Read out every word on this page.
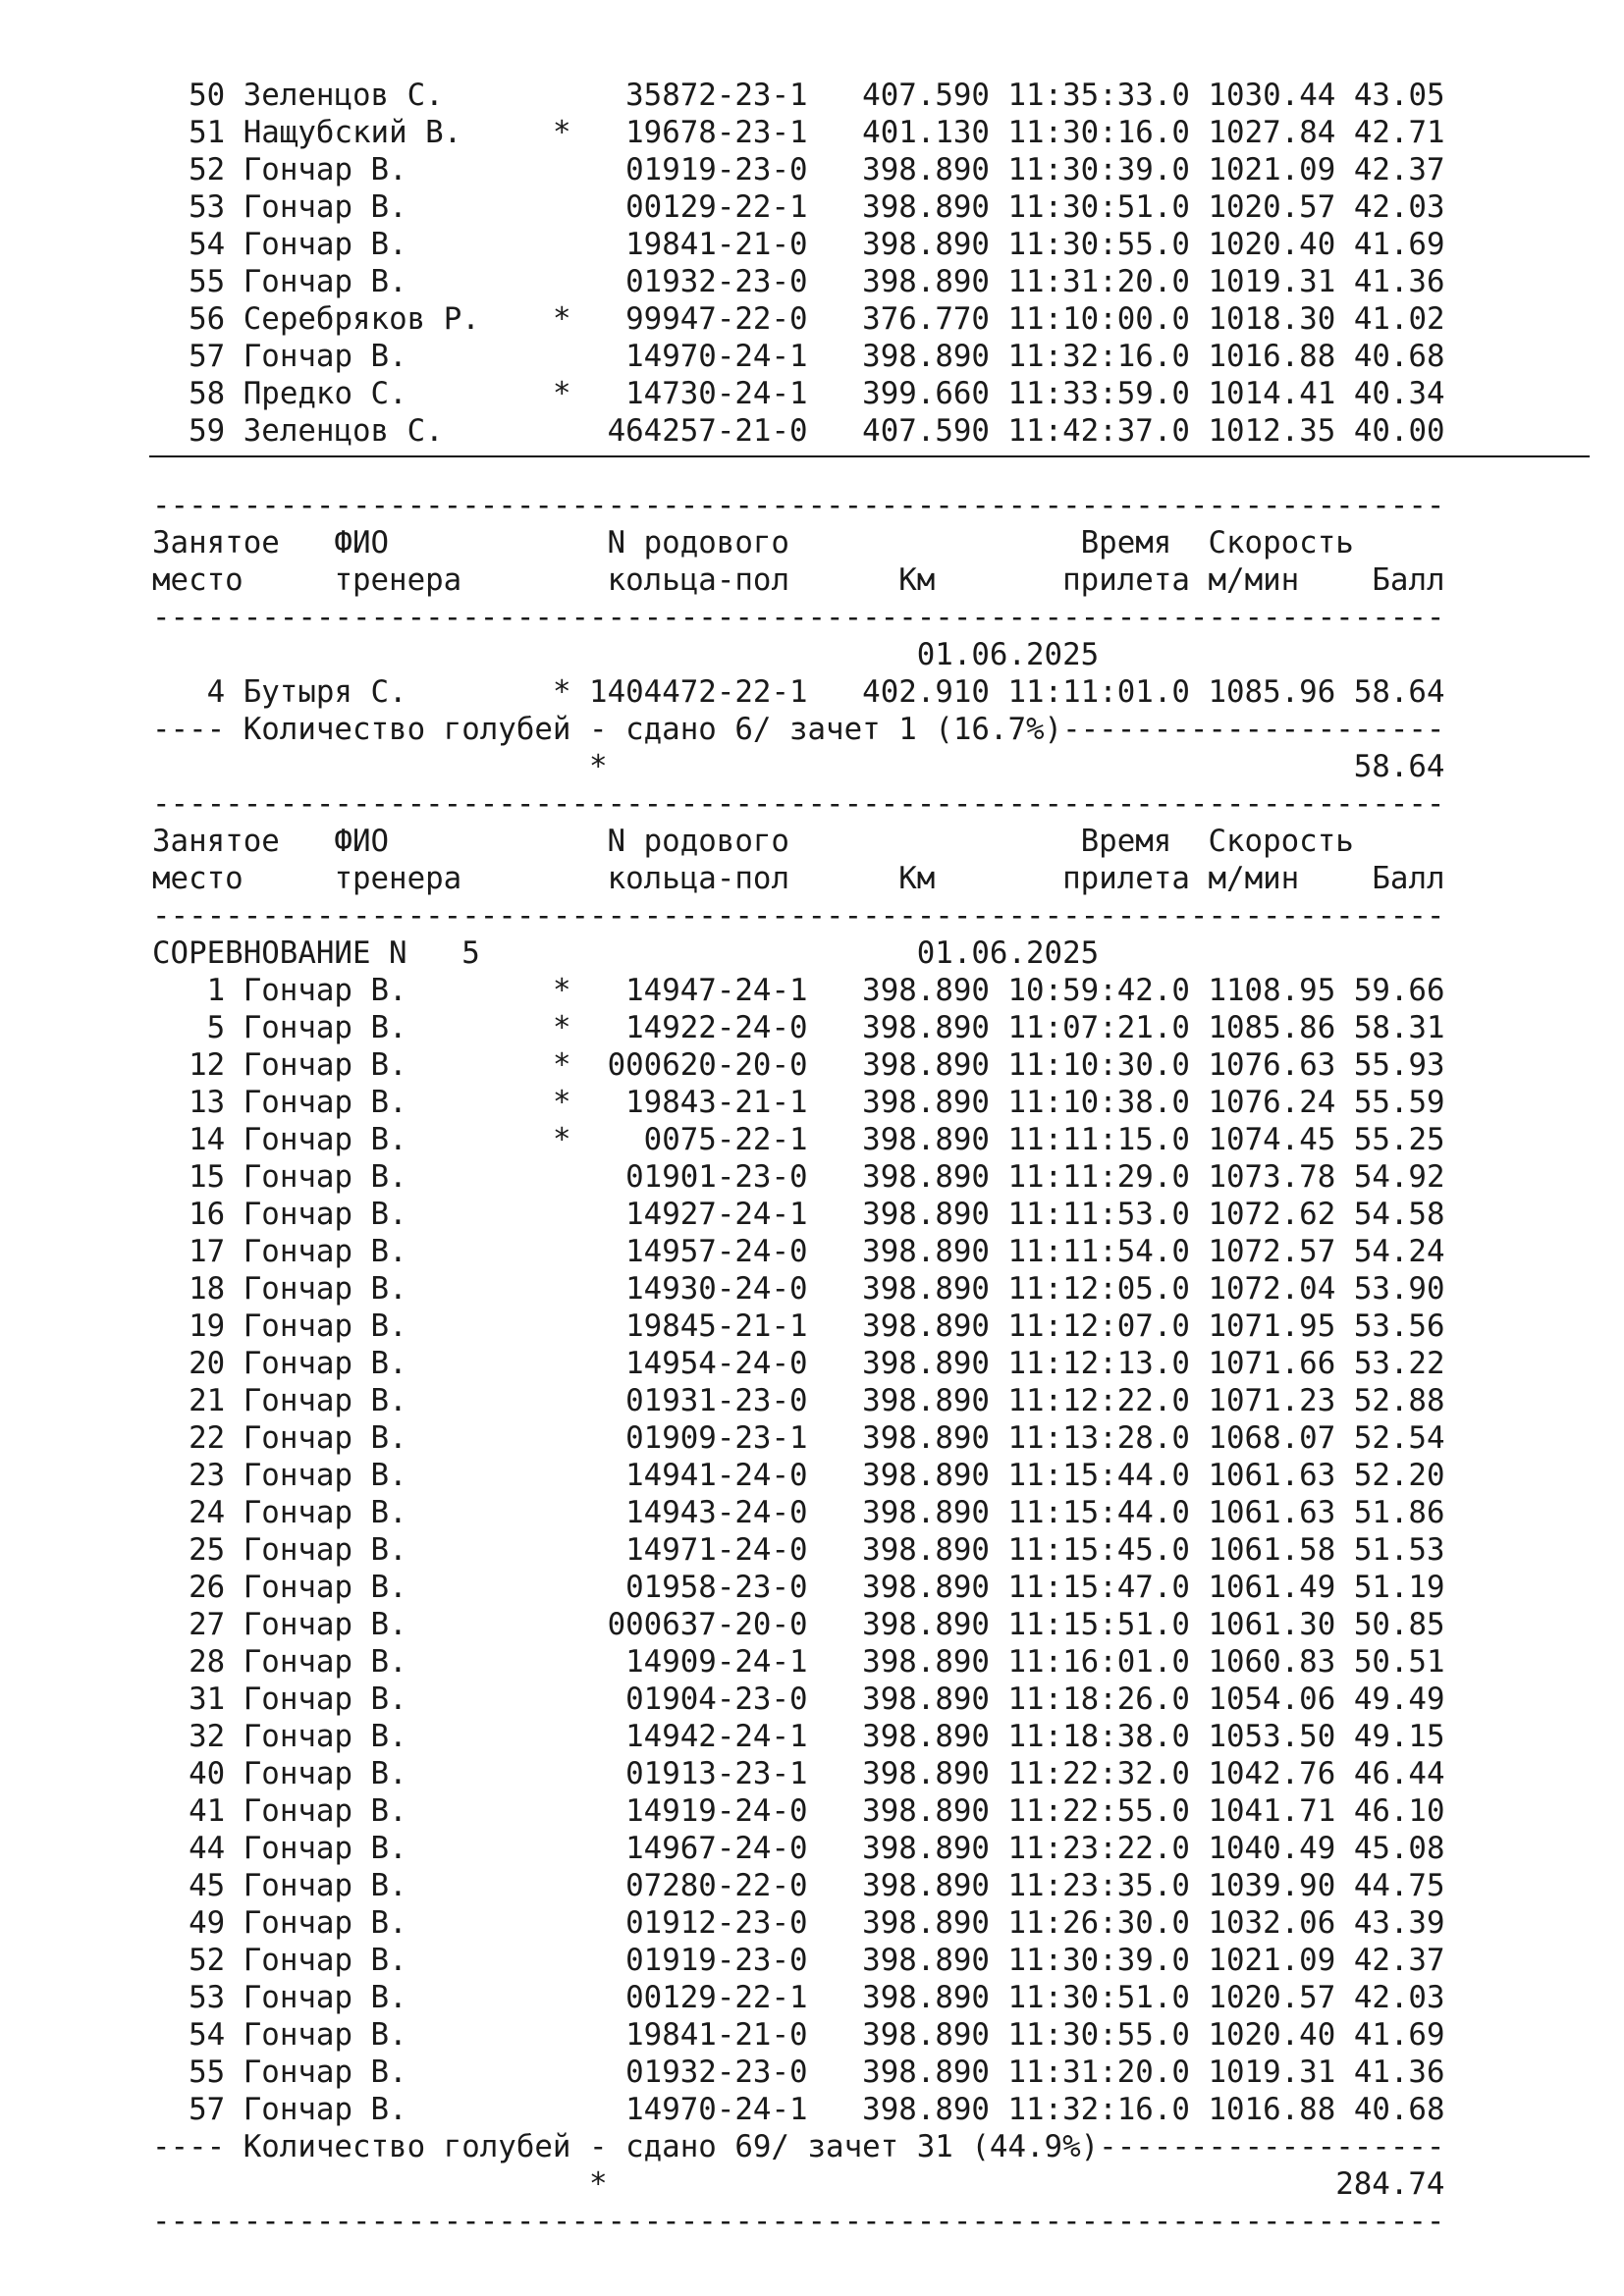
50 Зеленцов С.	35872-23-1 407.590 11:35:33.0 1030.44 43.05
51 Нащубский В.	* 19678-23-1 401.130 11:30:16.0 1027.84 42.71
52 Гончар В.	01919-23-0 398.890 11:30:39.0 1021.09 42.37
53 Гончар В.	00129-22-1 398.890 11:30:51.0 1020.57 42.03
54 Гончар В.	19841-21-0 398.890 11:30:55.0 1020.40 41.69
55 Гончар В.	01932-23-0 398.890 11:31:20.0 1019.31 41.36
56 Серебряков Р. * 99947-22-0 376.770 11:10:00.0 1018.30 41.02
57 Гончар В.	14970-24-1 398.890 11:32:16.0 1016.88 40.68
58 Предко С.	* 14730-24-1 399.660 11:33:59.0 1014.41 40.34
59 Зеленцов С.	464257-21-0 407.590 11:42:37.0 1012.35 40.00

-----------------------------------------------------------------------
Занятое ФИО	N родового	Время Скорость
место	тренера	кольца-пол	Км	прилета м/мин Балл
-----------------------------------------------------------------------
01.06.2025
4 Бутыря С.	* 1404472-22-1 402.910 11:11:01.0 1085.96 58.64
---- Количество голубей - сдано 6/ зачет 1 (16.7%)---------------------
*	58.64
-----------------------------------------------------------------------
Занятое ФИО	N родового	Время Скорость
место	тренера	кольца-пол	Км	прилета м/мин Балл
-----------------------------------------------------------------------
СОРЕВНОВАНИЕ N   5	01.06.2025
1 Гончар В.	* 14947-24-1 398.890 10:59:42.0 1108.95 59.66
5 Гончар В.	* 14922-24-0 398.890 11:07:21.0 1085.86 58.31
12 Гончар В.	* 000620-20-0 398.890 11:10:30.0 1076.63 55.93
13 Гончар В.	* 19843-21-1 398.890 11:10:38.0 1076.24 55.59
14 Гончар В.	* 0075-22-1 398.890 11:11:15.0 1074.45 55.25
15 Гончар В.	01901-23-0 398.890 11:11:29.0 1073.78 54.92
16 Гончар В.	14927-24-1 398.890 11:11:53.0 1072.62 54.58
17 Гончар В.	14957-24-0 398.890 11:11:54.0 1072.57 54.24
18 Гончар В.	14930-24-0 398.890 11:12:05.0 1072.04 53.90
19 Гончар В.	19845-21-1 398.890 11:12:07.0 1071.95 53.56
20 Гончар В.	14954-24-0 398.890 11:12:13.0 1071.66 53.22
21 Гончар В.	01931-23-0 398.890 11:12:22.0 1071.23 52.88
22 Гончар В.	01909-23-1 398.890 11:13:28.0 1068.07 52.54
23 Гончар В.	14941-24-0 398.890 11:15:44.0 1061.63 52.20
24 Гончар В.	14943-24-0 398.890 11:15:44.0 1061.63 51.86
25 Гончар В.	14971-24-0 398.890 11:15:45.0 1061.58 51.53
26 Гончар В.	01958-23-0 398.890 11:15:47.0 1061.49 51.19
27 Гончар В.	000637-20-0 398.890 11:15:51.0 1061.30 50.85
28 Гончар В.	14909-24-1 398.890 11:16:01.0 1060.83 50.51
31 Гончар В.	01904-23-0 398.890 11:18:26.0 1054.06 49.49
32 Гончар В.	14942-24-1 398.890 11:18:38.0 1053.50 49.15
40 Гончар В.	01913-23-1 398.890 11:22:32.0 1042.76 46.44
41 Гончар В.	14919-24-0 398.890 11:22:55.0 1041.71 46.10
44 Гончар В.	14967-24-0 398.890 11:23:22.0 1040.49 45.08
45 Гончар В.	07280-22-0 398.890 11:23:35.0 1039.90 44.75
49 Гончар В.	01912-23-0 398.890 11:26:30.0 1032.06 43.39
52 Гончар В.	01919-23-0 398.890 11:30:39.0 1021.09 42.37
53 Гончар В.	00129-22-1 398.890 11:30:51.0 1020.57 42.03
54 Гончар В.	19841-21-0 398.890 11:30:55.0 1020.40 41.69
55 Гончар В.	01932-23-0 398.890 11:31:20.0 1019.31 41.36
57 Гончар В.	14970-24-1 398.890 11:32:16.0 1016.88 40.68
---- Количество голубей - сдано 69/ зачет 31 (44.9%)-------------------
*	284.74
-----------------------------------------------------------------------
